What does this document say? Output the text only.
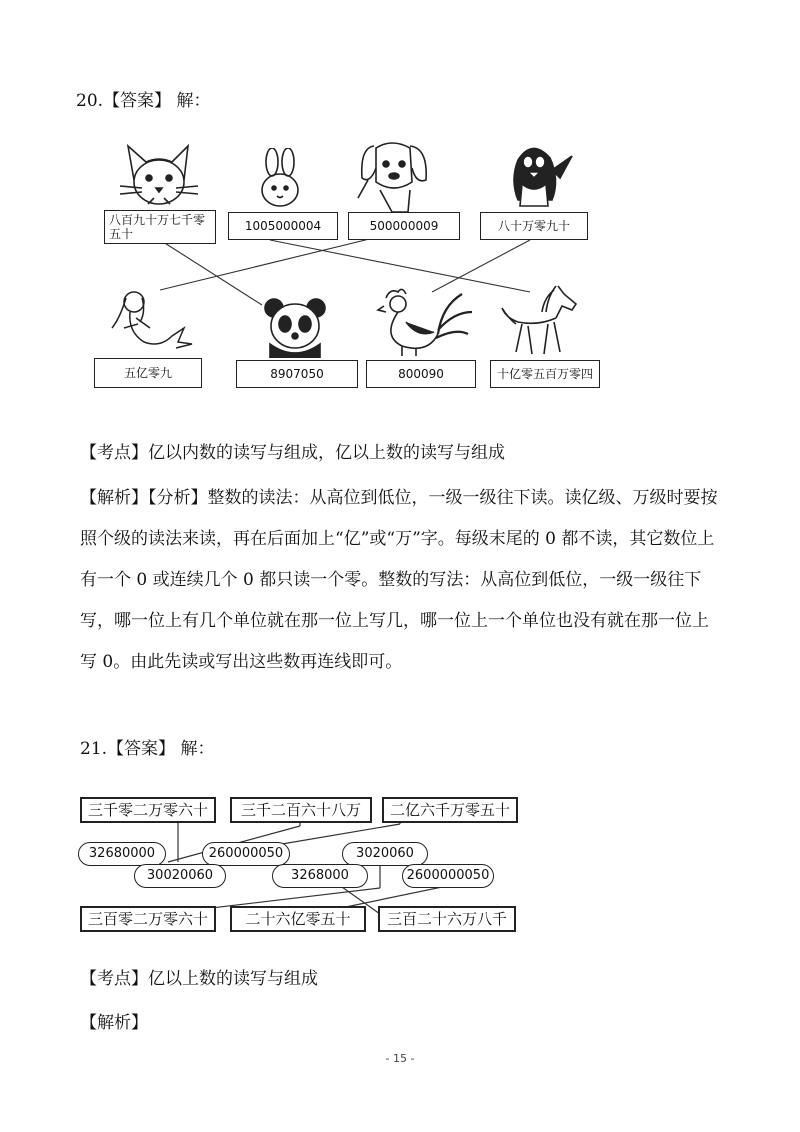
20.【答案】 解：
八百九十万七千零五十
1005000004	500000009	八十万零九十
五亿零九	8907050	800090	十亿零五百万零四
【考点】亿以内数的读写与组成，亿以上数的读写与组成
【解析】【分析】整数的读法：从高位到低位，一级一级往下读。读亿级、万级时要按照个级的读法来读，再在后面加上“亿”或“万”字。每级末尾的 0 都不读，其它数位上有一个 0 或连续几个 0 都只读一个零。整数的写法：从高位到低位，一级一级往下写，哪一位上有几个单位就在那一位上写几，哪一位上一个单位也没有就在那一位上写 0。由此先读或写出这些数再连线即可。
21.【答案】 解：
三千零二万零六十	三千二百六十八万	二亿六千万零五十
32680000	260000050	3020060
30020060	3268000	2600000050
三百零二万零六十	二十六亿零五十	三百二十六万八千
【考点】亿以上数的读写与组成
【解析】
- 15 -
